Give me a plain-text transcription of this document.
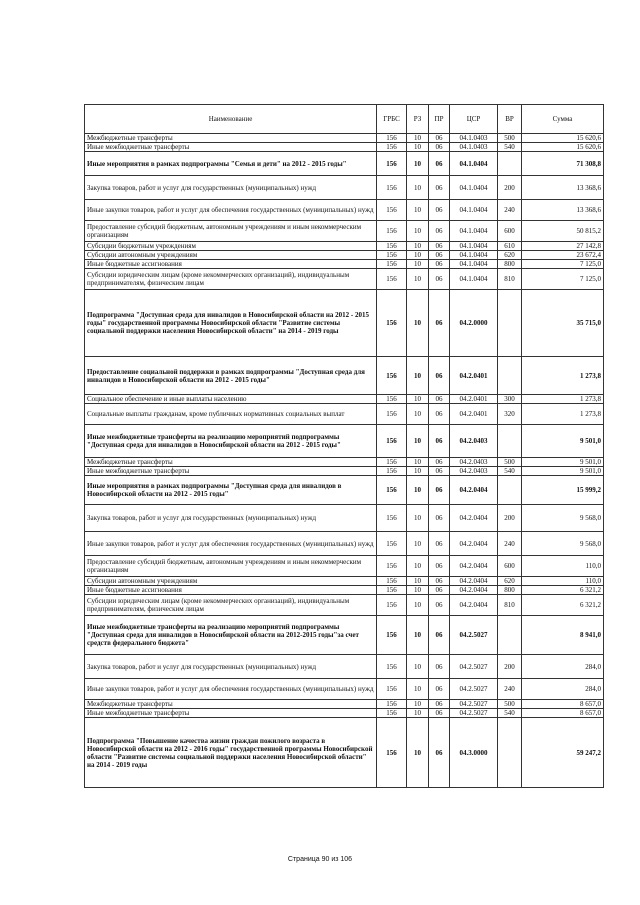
Наименование	ГРБС	РЗ	ПР	ЦСР	ВР	Сумма
Межбюджетные трансферты	156	10	06	04.1.0403	500	15 620,6
Иные межбюджетные трансферты	156	10	06	04.1.0403	540	15 620,6
Иные мероприятия в рамках подпрограммы "Семья и дети" на 2012 - 2015 годы"	156	10	06	04.1.0404		71 308,8
Закупка товаров, работ и услуг для государственных (муниципальных) нужд	156	10	06	04.1.0404	200	13 368,6
Иные закупки товаров, работ и услуг для обеспечения государственных (муниципальных) нужд	156	10	06	04.1.0404	240	13 368,6
Предоставление субсидий бюджетным, автономным учреждениям и иным некоммерческим организациям	156	10	06	04.1.0404	600	50 815,2
Субсидии бюджетным учреждениям	156	10	06	04.1.0404	610	27 142,8
Субсидии автономным учреждениям	156	10	06	04.1.0404	620	23 672,4
Иные бюджетные ассигнования	156	10	06	04.1.0404	800	7 125,0
Субсидии юридическим лицам (кроме некоммерческих организаций), индивидуальным предпринимателям, физическим лицам	156	10	06	04.1.0404	810	7 125,0
Подпрограмма "Доступная среда для инвалидов в Новосибирской области на 2012 - 2015 годы" государственной программы Новосибирской области "Развитие системы социальной поддержки населения Новосибирской области" на 2014 - 2019 годы	156	10	06	04.2.0000		35 715,0
Предоставление социальной поддержки в рамках подпрограммы "Доступная среда для инвалидов в Новосибирской области на 2012 - 2015 годы"	156	10	06	04.2.0401		1 273,8
Социальное обеспечение и иные выплаты населению	156	10	06	04.2.0401	300	1 273,8
Социальные выплаты гражданам, кроме публичных нормативных социальных выплат	156	10	06	04.2.0401	320	1 273,8
Иные межбюджетные трансферты на реализацию мероприятий подпрограммы "Доступная среда для инвалидов в Новосибирской области на 2012 - 2015 годы"	156	10	06	04.2.0403		9 501,0
Межбюджетные трансферты	156	10	06	04.2.0403	500	9 501,0
Иные межбюджетные трансферты	156	10	06	04.2.0403	540	9 501,0
Иные мероприятия в рамках подпрограммы "Доступная среда для инвалидов в Новосибирской области на 2012 - 2015 годы"	156	10	06	04.2.0404		15 999,2
Закупка товаров, работ и услуг для государственных (муниципальных) нужд	156	10	06	04.2.0404	200	9 568,0
Иные закупки товаров, работ и услуг для обеспечения государственных (муниципальных) нужд	156	10	06	04.2.0404	240	9 568,0
Предоставление субсидий бюджетным, автономным учреждениям и иным некоммерческим организациям	156	10	06	04.2.0404	600	110,0
Субсидии автономным учреждениям	156	10	06	04.2.0404	620	110,0
Иные бюджетные ассигнования	156	10	06	04.2.0404	800	6 321,2
Субсидии юридическим лицам (кроме некоммерческих организаций), индивидуальным предпринимателям, физическим лицам	156	10	06	04.2.0404	810	6 321,2
Иные межбюджетные трансферты на реализацию мероприятий подпрограммы "Доступная среда для инвалидов в Новосибирской области на 2012-2015 годы"за счет средств федерального бюджета"	156	10	06	04.2.5027		8 941,0
Закупка товаров, работ и услуг для государственных (муниципальных) нужд	156	10	06	04.2.5027	200	284,0
Иные закупки товаров, работ и услуг для обеспечения государственных (муниципальных) нужд	156	10	06	04.2.5027	240	284,0
Межбюджетные трансферты	156	10	06	04.2.5027	500	8 657,0
Иные межбюджетные трансферты	156	10	06	04.2.5027	540	8 657,0
Подпрограмма "Повышение качества жизни граждан пожилого возраста в Новосибирской области на 2012 - 2016 годы" государственной программы Новосибирской области "Развитие системы социальной поддержки населения Новосибирской области" на 2014 - 2019 годы	156	10	06	04.3.0000		59 247,2
Страница 90 из 106
